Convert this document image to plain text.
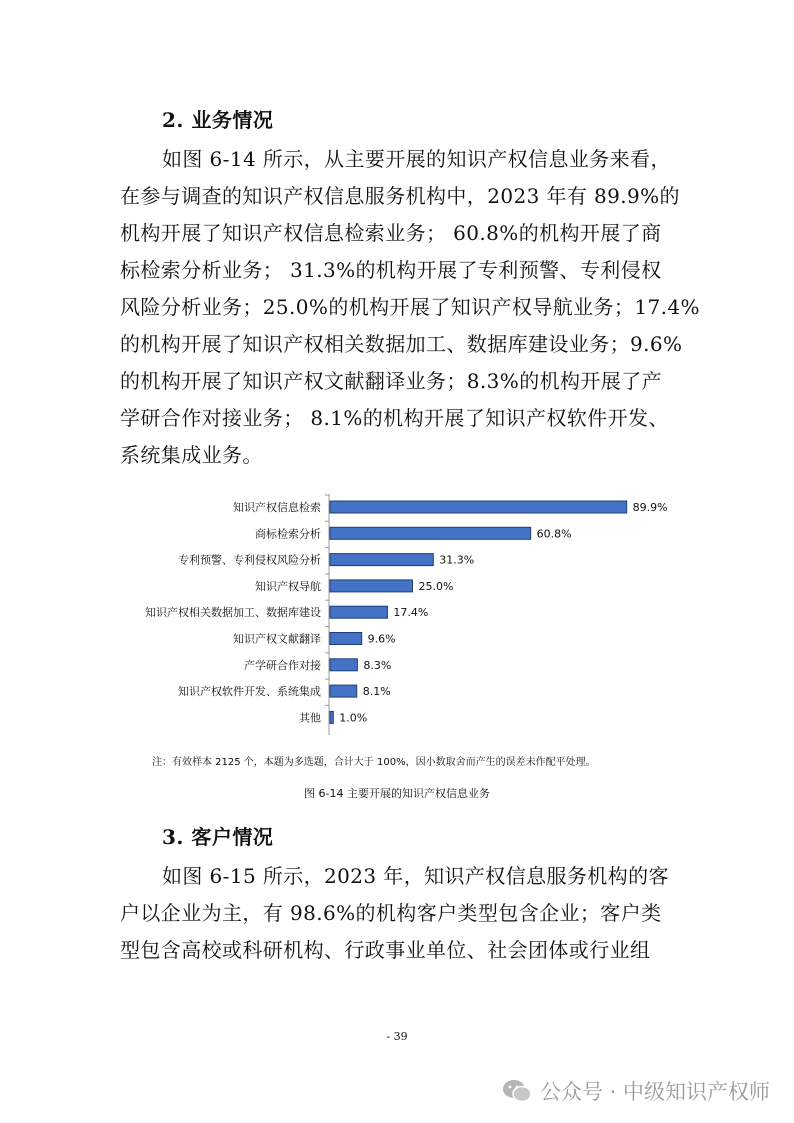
2. 业务情况
如图 6-14 所示，从主要开展的知识产权信息业务来看，
在参与调查的知识产权信息服务机构中，2023 年有 89.9%的
机构开展了知识产权信息检索业务； 60.8%的机构开展了商
标检索分析业务； 31.3%的机构开展了专利预警、专利侵权
风险分析业务；25.0%的机构开展了知识产权导航业务；17.4%
的机构开展了知识产权相关数据加工、数据库建设业务；9.6%
的机构开展了知识产权文献翻译业务；8.3%的机构开展了产
学研合作对接业务； 8.1%的机构开展了知识产权软件开发、
系统集成业务。
知识产权信息检索	89.9%
商标检索分析	60.8%
专利预警、专利侵权风险分析	31.3%
知识产权导航	25.0%
知识产权相关数据加工、数据库建设	17.4%
知识产权文献翻译	9.6%
产学研合作对接	8.3%
知识产权软件开发、系统集成	8.1%
其他 1.0%
注：有效样本 2125 个，本题为多选题，合计大于 100%，因小数取舍而产生的误差未作配平处理。
图 6-14 主要开展的知识产权信息业务
3. 客户情况
如图 6-15 所示，2023 年，知识产权信息服务机构的客
户以企业为主，有 98.6%的机构客户类型包含企业；客户类
型包含高校或科研机构、行政事业单位、社会团体或行业组
- 39
公众号 · 中级知识产权师
